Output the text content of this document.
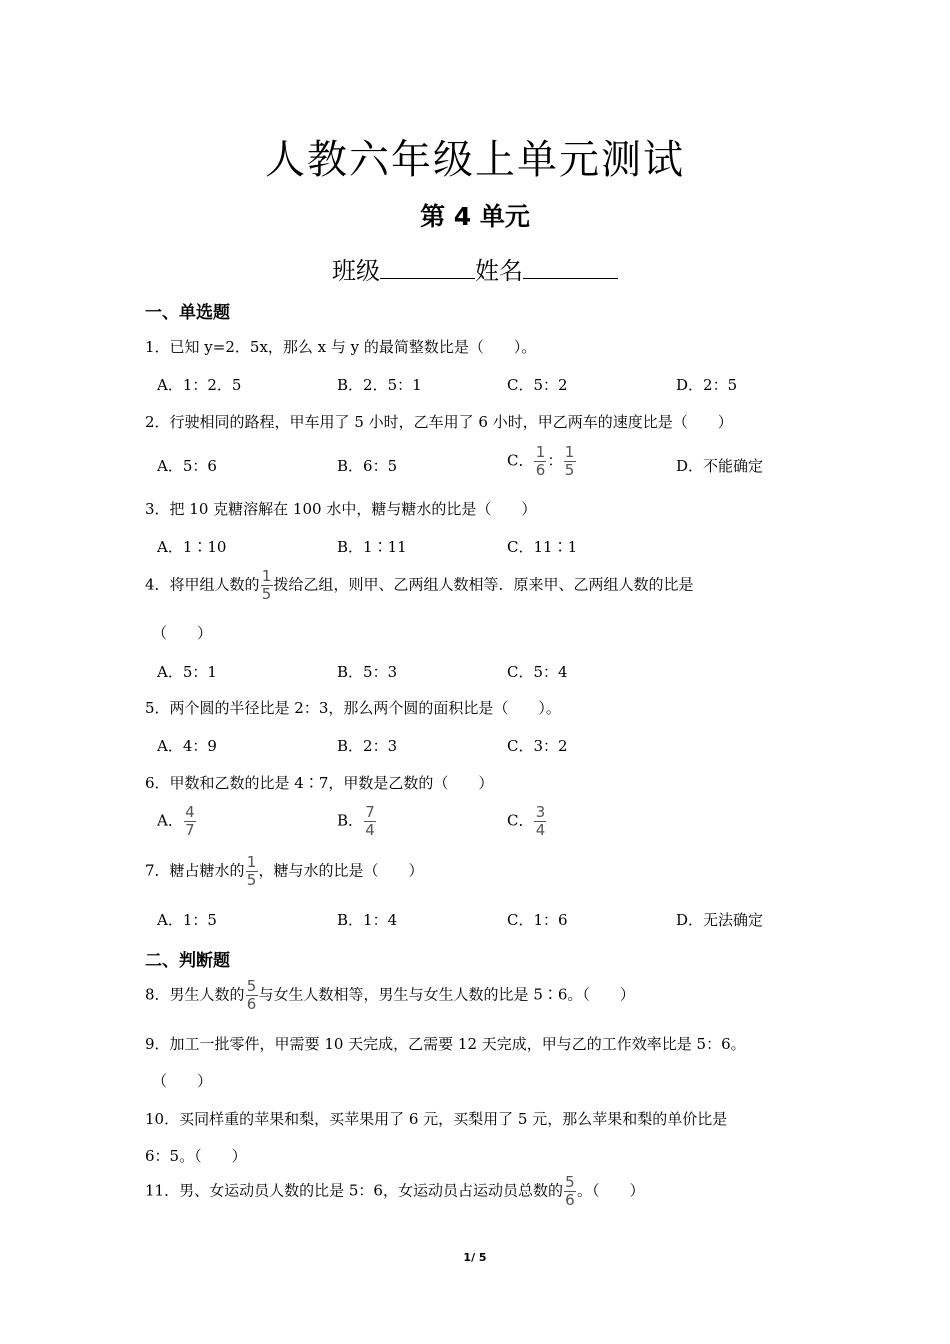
人教六年级上单元测试
第 4 单元
班级	姓名
一、单选题
1．已知 y=2．5x，那么 x 与 y 的最简整数比是（　　）。
A．1：2．5	B．2．5：1	C．5：2	D．2：5
2．行驶相同的路程，甲车用了 5 小时，乙车用了 6 小时，甲乙两车的速度比是（　　）
A．5：6	B．6：5	C． $\frac{1}{6}$ ： $\frac{1}{5}$	D．不能确定
3．把 10 克糖溶解在 100 水中，糖与糖水的比是（　　）
A．1∶10	B．1∶11	C．11∶1
4．将甲组人数的 $\frac{1}{5}$ 拨给乙组，则甲、乙两组人数相等．原来甲、乙两组人数的比是
（　　）
A．5：1	B．5：3	C．5：4
5．两个圆的半径比是 2：3，那么两个圆的面积比是（　　）。
A．4：9	B．2：3	C．3：2
6．甲数和乙数的比是 4∶7，甲数是乙数的（　　）
A． $\frac{4}{7}$	B． $\frac{7}{4}$	C． $\frac{3}{4}$
7．糖占糖水的 $\frac{1}{5}$ ，糖与水的比是（　　）
A．1：5	B．1：4	C．1：6	D．无法确定
二、判断题
8．男生人数的 $\frac{5}{6}$ 与女生人数相等，男生与女生人数的比是 5∶6。（　　）
9．加工一批零件，甲需要 10 天完成，乙需要 12 天完成，甲与乙的工作效率比是 5：6。
（　　）
10．买同样重的苹果和梨，买苹果用了 6 元，买梨用了 5 元，那么苹果和梨的单价比是
6：5。（　　）
11．男、女运动员人数的比是 5：6，女运动员占运动员总数的 $\frac{5}{6}$ 。（　　）
1/ 5
